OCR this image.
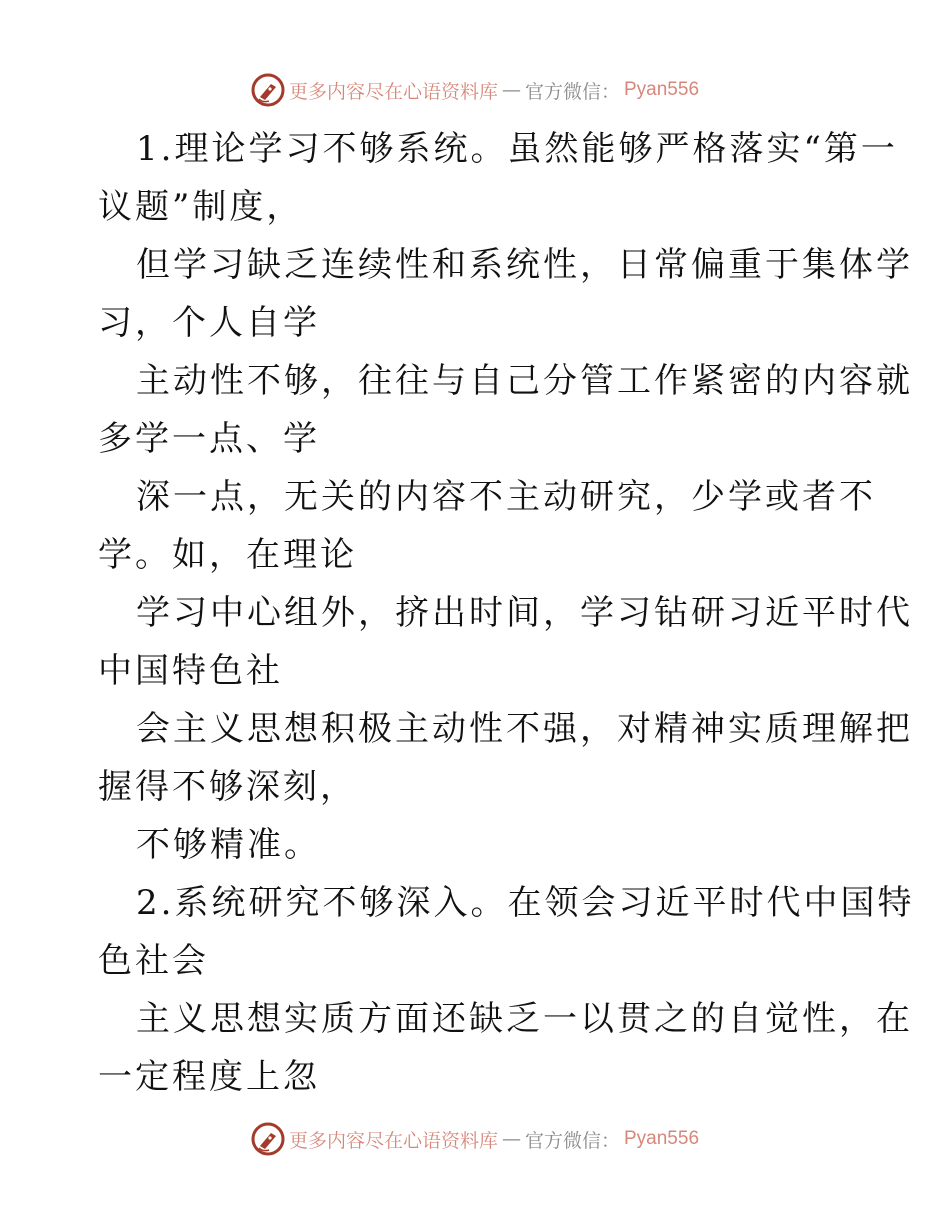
更多内容尽在心语资料库 — 官方微信： Pyan556
1.理论学习不够系统。虽然能够严格落实“第一
议题”制度，
但学习缺乏连续性和系统性，日常偏重于集体学
习，个人自学
主动性不够，往往与自己分管工作紧密的内容就
多学一点、学
深一点，无关的内容不主动研究，少学或者不
学。如，在理论
学习中心组外，挤出时间，学习钻研习近平时代
中国特色社
会主义思想积极主动性不强，对精神实质理解把
握得不够深刻，
不够精准。
2.系统研究不够深入。在领会习近平时代中国特
色社会
主义思想实质方面还缺乏一以贯之的自觉性，在
一定程度上忽
更多内容尽在心语资料库 — 官方微信： Pyan556
